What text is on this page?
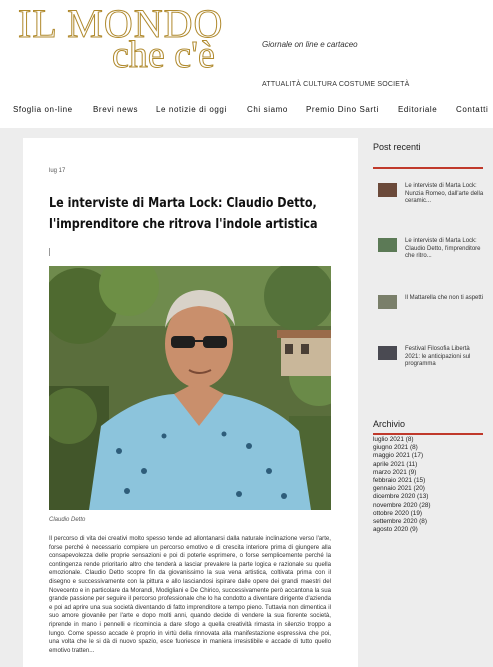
IL MONDO
che c'è	Giornale on line e cartaceo
ATTUALITÀ CULTURA COSTUME SOCIETÀ
Sfoglia on-line	Brevi news Le notizie di oggi	Chi siamo Premio Dino Sarti Editoriale Contatti
lug 17
Le interviste di Marta Lock: Claudio Detto, l'imprenditore che ritrova l'indole artistica
Claudio Detto
Il percorso di vita dei creativi molto spesso tende ad allontanarsi dalla naturale inclinazione verso l'arte, forse perché è necessario compiere un percorso emotivo e di crescita interiore prima di giungere alla consapevolezza delle proprie sensazioni e poi di poterle esprimere, o forse semplicemente perché la contingenza rende prioritario altro che tenderà a lasciar prevalere la parte logica e razionale su quella emozionale. Claudio Detto scopre fin da giovanissimo la sua vena artistica, coltivata prima con il disegno e successivamente con la pittura e allo lasciandosi ispirare dalle opere dei grandi maestri del Novecento e in particolare da Morandi, Modigliani e De Chirico, successivamente però accantona la sua grande passione per seguire il percorso professionale che lo ha condotto a diventare dirigente d'azienda e poi ad aprire una sua società diventando di fatto imprenditore a tempo pieno. Tuttavia non dimentica il suo amore giovanile per l'arte e dopo molti anni, quando decide di vendere la sua fiorente società, riprende in mano i pennelli e ricomincia a dare sfogo a quella creatività rimasta in silenzio troppo a lungo. Come spesso accade è proprio in virtù della rinnovata alla manifestazione espressiva che poi, una volta che le si dà di nuovo spazio, esce fuoriesce in maniera irresistibile e accade di tutto quello emotivo tratten...
Post recenti
Le interviste di Marta Lock: Nunzia Romeo, dall'arte della ceramic...
Le interviste di Marta Lock: Claudio Detto, l'imprenditore che ritro...
Il Mattarella che non ti aspetti
Festival Filosofia Libertà 2021: le anticipazioni sul programma
Archivio
luglio 2021 (8)
giugno 2021 (8)
maggio 2021 (17)
aprile 2021 (11)
marzo 2021 (9)
febbraio 2021 (15)
gennaio 2021 (20)
dicembre 2020 (13)
novembre 2020 (28)
ottobre 2020 (19)
settembre 2020 (8)
agosto 2020 (9)
